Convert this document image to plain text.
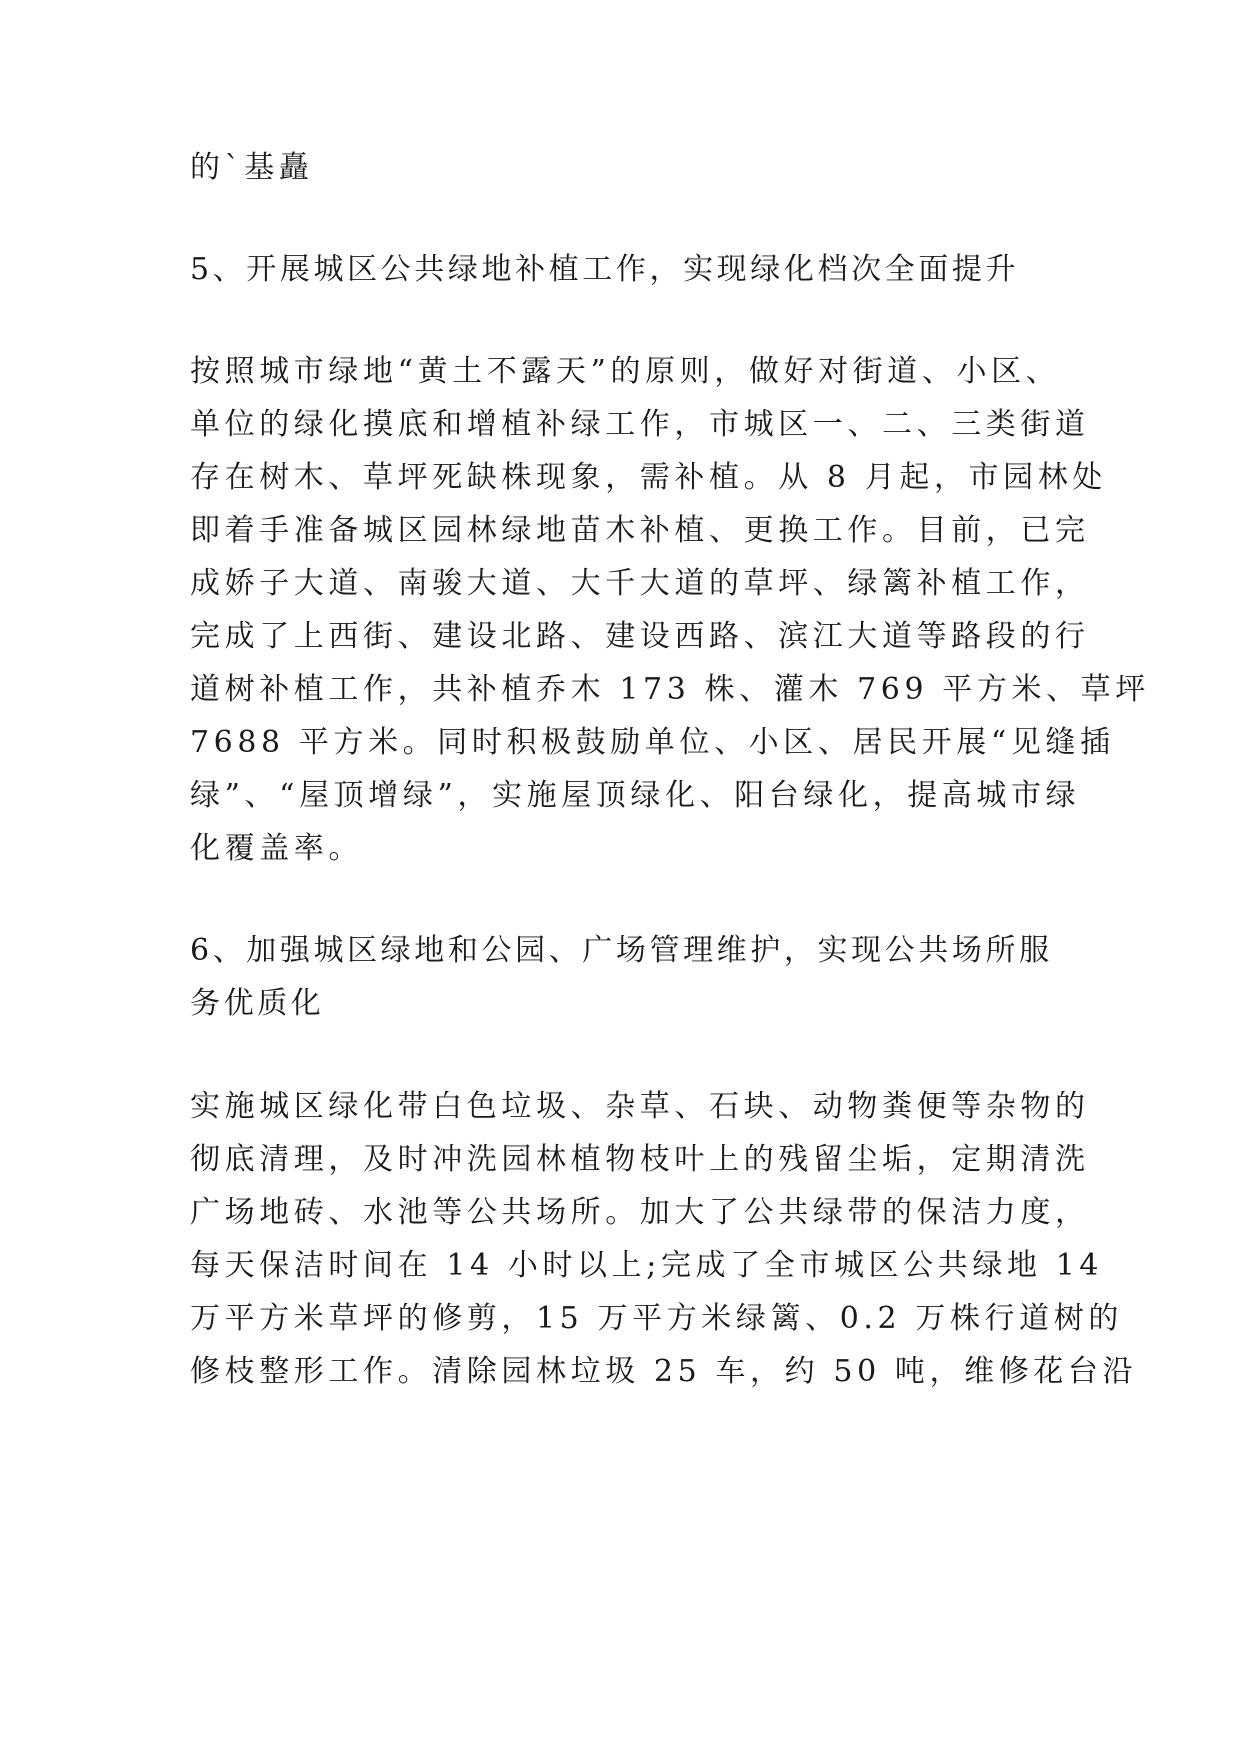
的`基矗
5、开展城区公共绿地补植工作，实现绿化档次全面提升
按照城市绿地“黄土不露天”的原则，做好对街道、小区、
单位的绿化摸底和增植补绿工作，市城区一、二、三类街道
存在树木、草坪死缺株现象，需补植。从 8 月起，市园林处
即着手准备城区园林绿地苗木补植、更换工作。目前，已完
成娇子大道、南骏大道、大千大道的草坪、绿篱补植工作，
完成了上西街、建设北路、建设西路、滨江大道等路段的行
道树补植工作，共补植乔木 173 株、灌木 769 平方米、草坪
7688 平方米。同时积极鼓励单位、小区、居民开展“见缝插
绿”、“屋顶增绿”，实施屋顶绿化、阳台绿化，提高城市绿
化覆盖率。
6、加强城区绿地和公园、广场管理维护，实现公共场所服
务优质化
实施城区绿化带白色垃圾、杂草、石块、动物粪便等杂物的
彻底清理，及时冲洗园林植物枝叶上的残留尘垢，定期清洗
广场地砖、水池等公共场所。加大了公共绿带的保洁力度，
每天保洁时间在 14 小时以上;完成了全市城区公共绿地 14
万平方米草坪的修剪，15 万平方米绿篱、0.2 万株行道树的
修枝整形工作。清除园林垃圾 25 车，约 50 吨，维修花台沿
